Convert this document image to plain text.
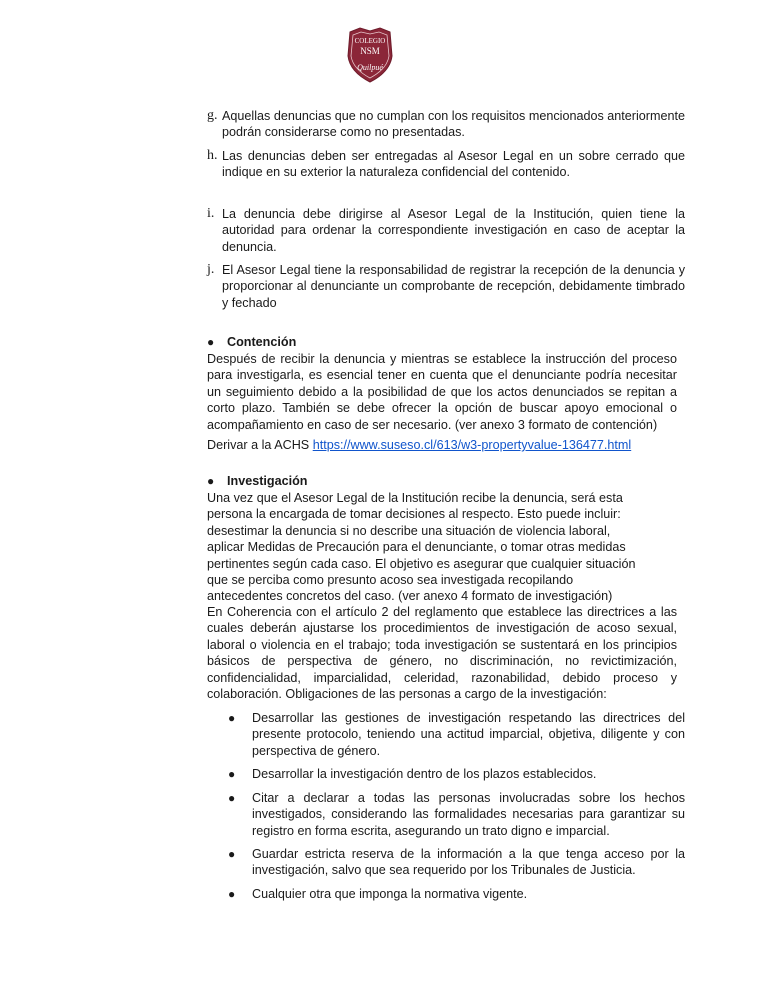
COLEGIO
NSM
Quilpué
g. Aquellas denuncias que no cumplan con los requisitos mencionados anteriormente podrán considerarse como no presentadas.
h. Las denuncias deben ser entregadas al Asesor Legal en un sobre cerrado que indique en su exterior la naturaleza confidencial del contenido.
i. La denuncia debe dirigirse al Asesor Legal de la Institución, quien tiene la autoridad para ordenar la correspondiente investigación en caso de aceptar la denuncia.
j. El Asesor Legal tiene la responsabilidad de registrar la recepción de la denuncia y proporcionar al denunciante un comprobante de recepción, debidamente timbrado y fechado
● Contención
Después de recibir la denuncia y mientras se establece la instrucción del proceso para investigarla, es esencial tener en cuenta que el denunciante podría necesitar un seguimiento debido a la posibilidad de que los actos denunciados se repitan a corto plazo. También se debe ofrecer la opción de buscar apoyo emocional o acompañamiento en caso de ser necesario. (ver anexo 3 formato de contención)
Derivar a la ACHS https://www.suseso.cl/613/w3-propertyvalue-136477.html
● Investigación
Una vez que el Asesor Legal de la Institución recibe la denuncia, será esta persona la encargada de tomar decisiones al respecto. Esto puede incluir: desestimar la denuncia si no describe una situación de violencia laboral, aplicar Medidas de Precaución para el denunciante, o tomar otras medidas pertinentes según cada caso. El objetivo es asegurar que cualquier situación que se perciba como presunto acoso sea investigada recopilando antecedentes concretos del caso. (ver anexo 4 formato de investigación)
En Coherencia con el artículo 2 del reglamento que establece las directrices a las cuales deberán ajustarse los procedimientos de investigación de acoso sexual, laboral o violencia en el trabajo; toda investigación se sustentará en los principios básicos de perspectiva de género, no discriminación, no revictimización, confidencialidad, imparcialidad, celeridad, razonabilidad, debido proceso y colaboración. Obligaciones de las personas a cargo de la investigación:
● Desarrollar las gestiones de investigación respetando las directrices del presente protocolo, teniendo una actitud imparcial, objetiva, diligente y con perspectiva de género.
● Desarrollar la investigación dentro de los plazos establecidos.
● Citar a declarar a todas las personas involucradas sobre los hechos investigados, considerando las formalidades necesarias para garantizar su registro en forma escrita, asegurando un trato digno e imparcial.
● Guardar estricta reserva de la información a la que tenga acceso por la investigación, salvo que sea requerido por los Tribunales de Justicia.
● Cualquier otra que imponga la normativa vigente.
